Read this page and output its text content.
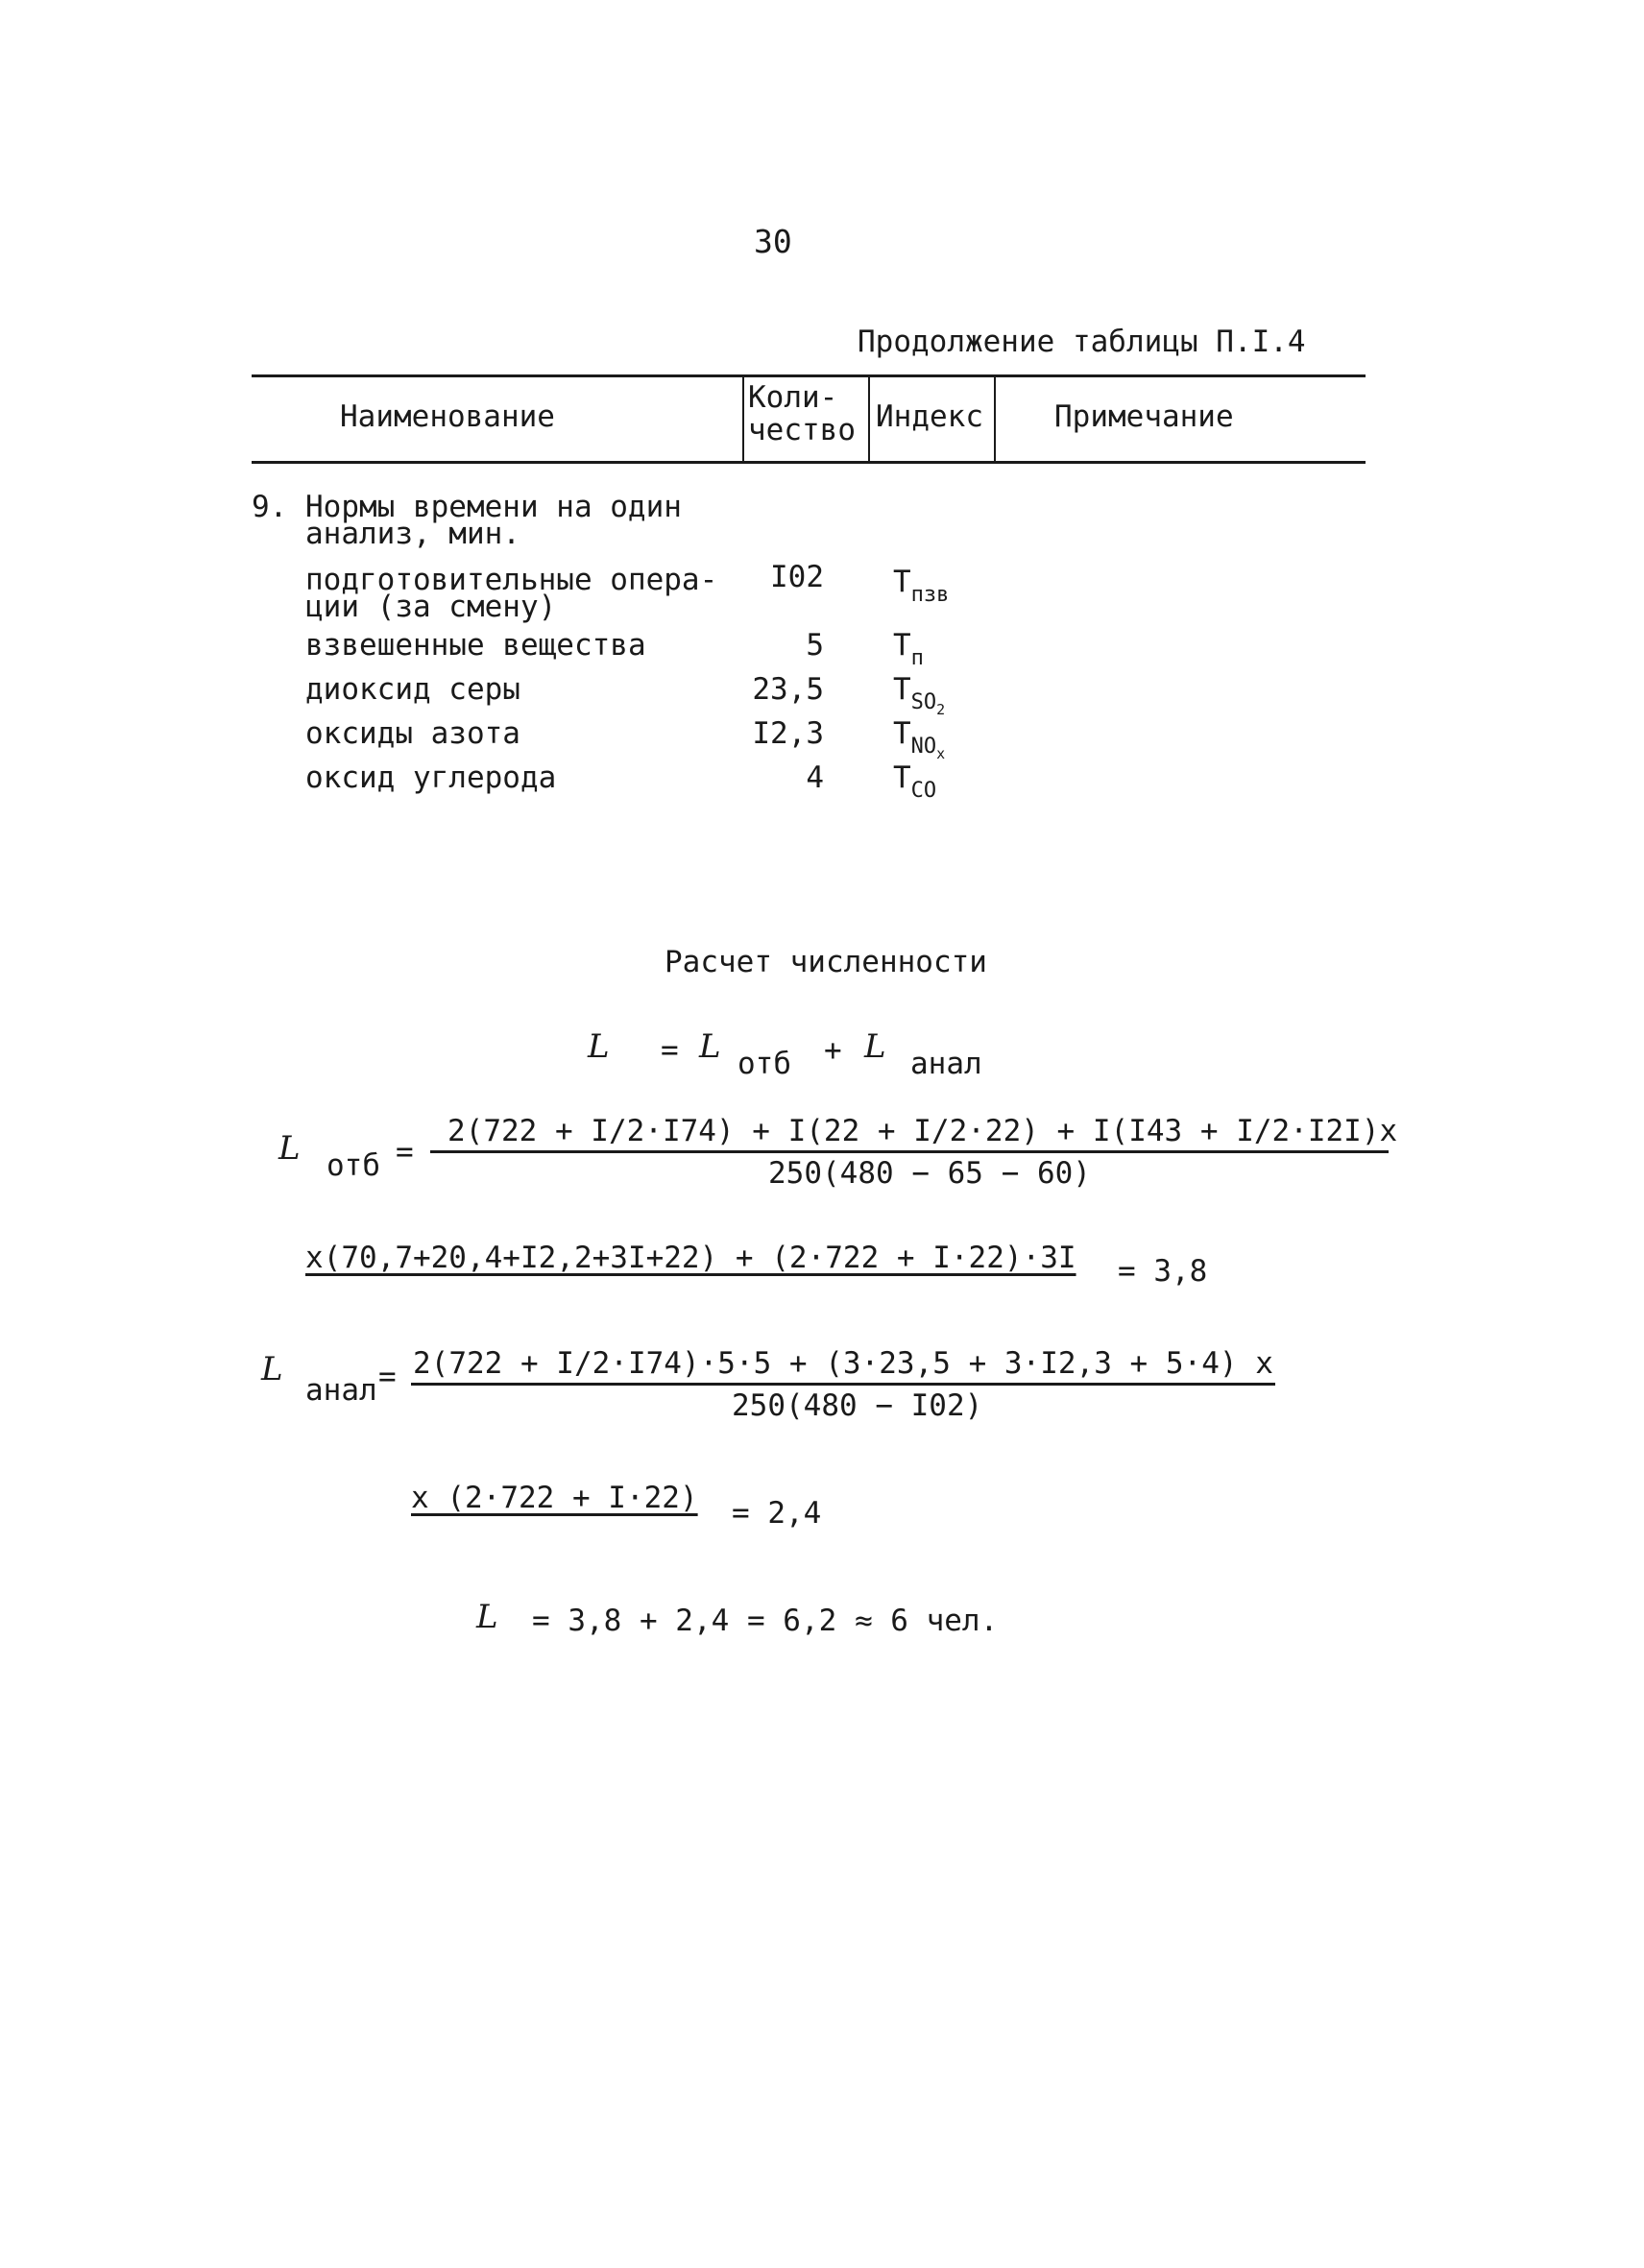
30
Продолжение таблицы П.I.4
Наименование
Коли-
чество Индекс Примечание
9. Нормы времени на один
анализ, мин.
подготовительные опера-
ции (за смену)
I02 $T_{пзв}$
взвешенные вещества	5 $T_п$
диоксид серы	23,5 $T_{SO_2}$
оксиды азота	I2,3 $T_{NO_x}$
оксид углерода	4 $T_{CO}$
Расчет численности
L = L отб + L анал
L отб =
2(722 + I/2·I74) + I(22 + I/2·22) + I(I43 + I/2·I2I)x
250(480 − 65 − 60)
x(70,7+20,4+I2,2+3I+22) + (2·722 + I·22)·3I = 3,8
L
анал = 2(722 + I/2·I74)·5·5 + (3·23,5 + 3·I2,3 + 5·4) x
250(480 − I02)
x (2·722 + I·22) = 2,4
L = 3,8 + 2,4 = 6,2 ≈ 6 чел.
